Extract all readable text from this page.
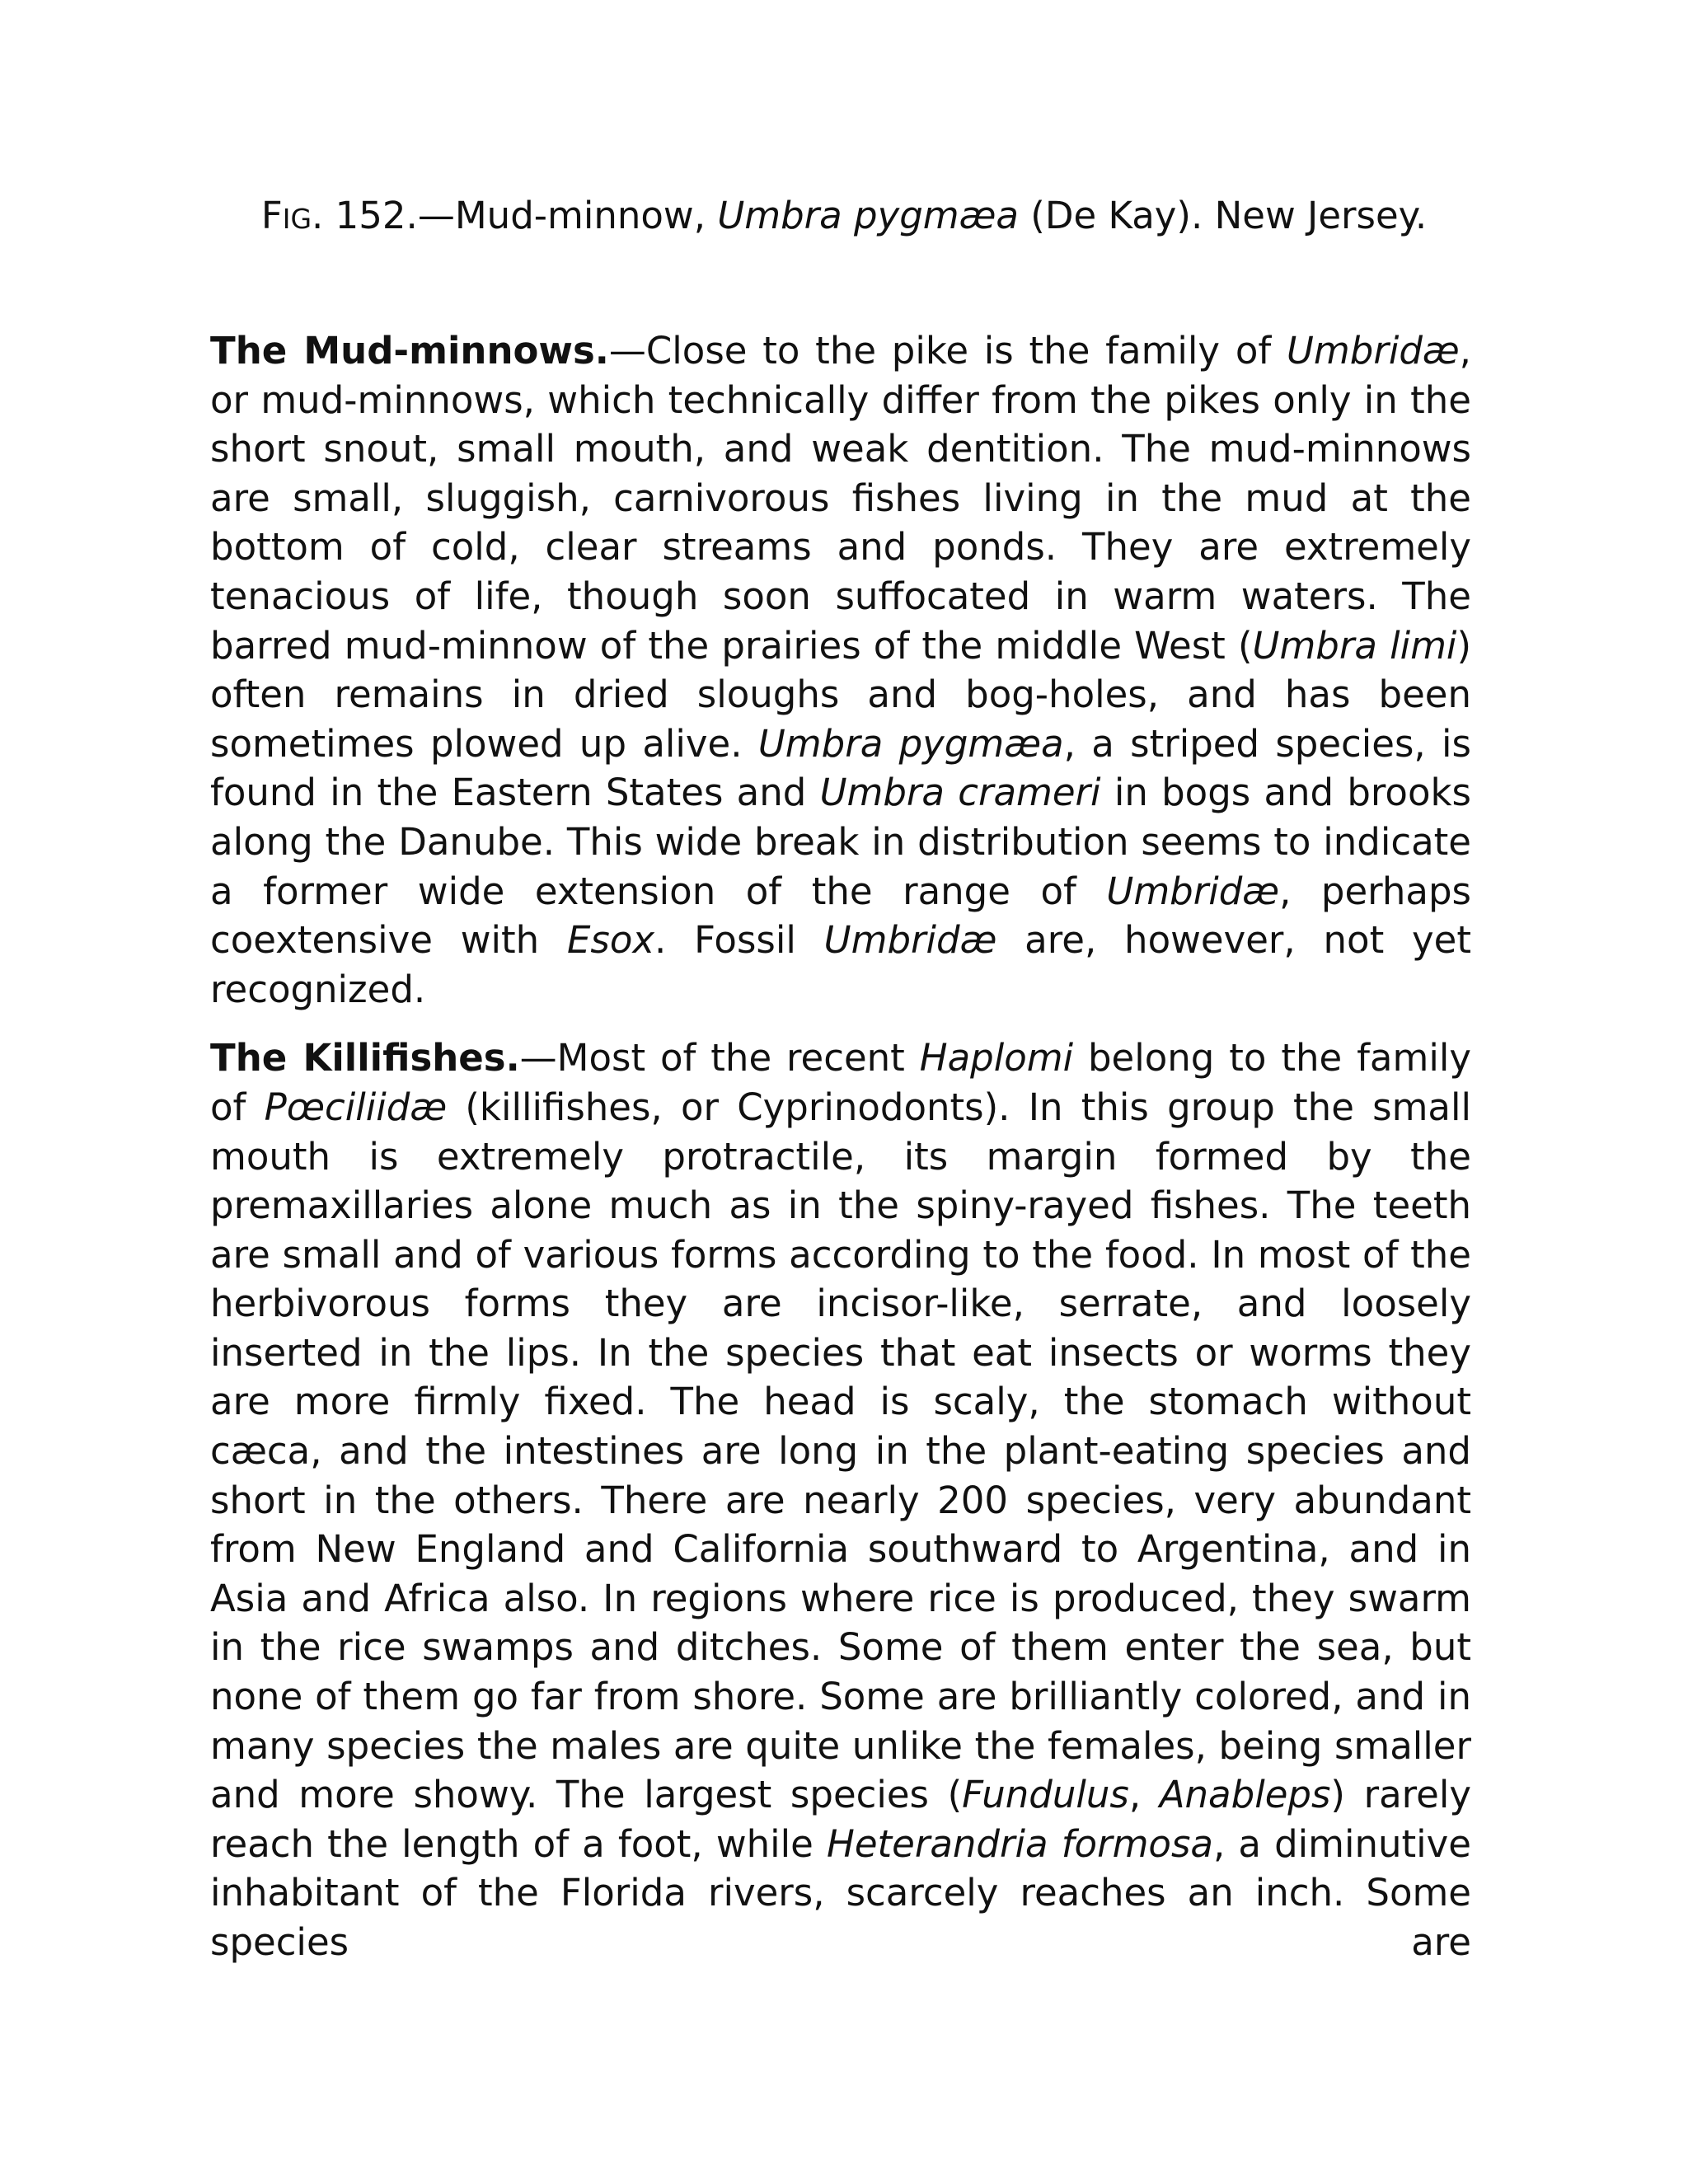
FIG. 152.—Mud-minnow, Umbra pygmæa (De Kay). New Jersey.

The Mud-minnows.—Close to the pike is the family of Umbridæ, or mud-minnows, which technically differ from the pikes only in the short snout, small mouth, and weak dentition. The mud-minnows are small, sluggish, carnivorous fishes living in the mud at the bottom of cold, clear streams and ponds. They are extremely tenacious of life, though soon suffocated in warm waters. The barred mud-minnow of the prairies of the middle West (Umbra limi) often remains in dried sloughs and bog-holes, and has been sometimes plowed up alive. Umbra pygmæa, a striped species, is found in the Eastern States and Umbra crameri in bogs and brooks along the Danube. This wide break in distribution seems to indicate a former wide extension of the range of Umbridæ, perhaps coextensive with Esox. Fossil Umbridæ are, however, not yet recognized.

The Killifishes.—Most of the recent Haplomi belong to the family of Pœciliidæ (killifishes, or Cyprinodonts). In this group the small mouth is extremely protractile, its margin formed by the premaxillaries alone much as in the spiny-rayed fishes. The teeth are small and of various forms according to the food. In most of the herbivorous forms they are incisor-like, serrate, and loosely inserted in the lips. In the species that eat insects or worms they are more firmly fixed. The head is scaly, the stomach without cæca, and the intestines are long in the plant-eating species and short in the others. There are nearly 200 species, very abundant from New England and California southward to Argentina, and in Asia and Africa also. In regions where rice is produced, they swarm in the rice swamps and ditches. Some of them enter the sea, but none of them go far from shore. Some are brilliantly colored, and in many species the males are quite unlike the females, being smaller and more showy. The largest species (Fundulus, Anableps) rarely reach the length of a foot, while Heterandria formosa, a diminutive inhabitant of the Florida rivers, scarcely reaches an inch. Some species are
